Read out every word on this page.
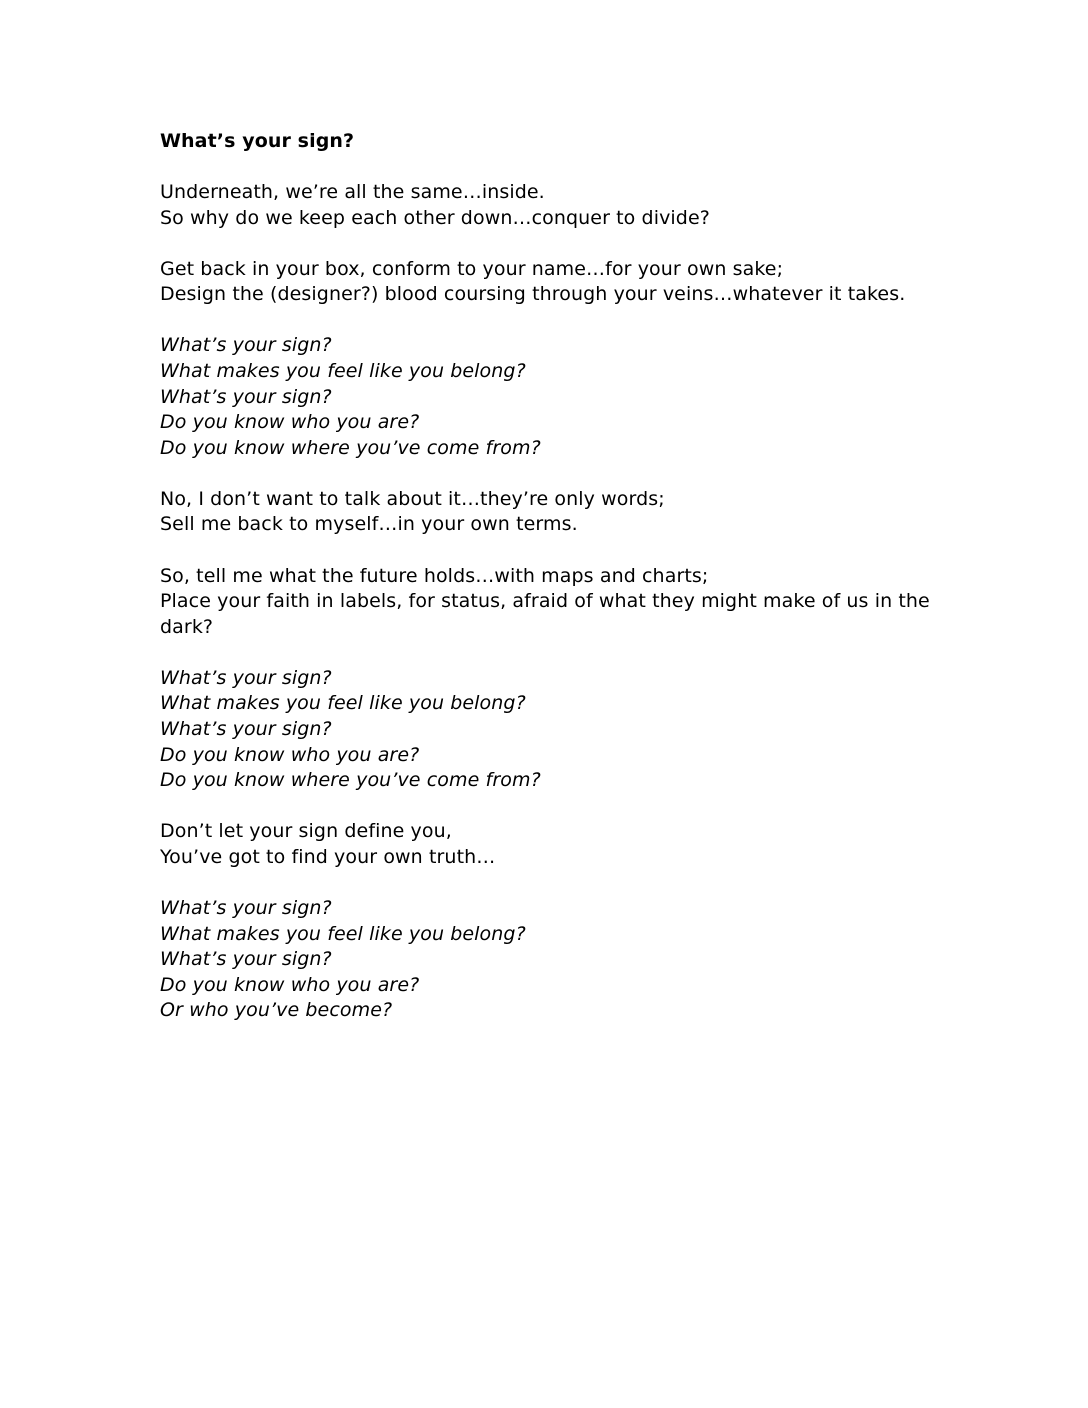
What’s your sign?
Underneath, we’re all the same…inside.
So why do we keep each other down…conquer to divide?
Get back in your box, conform to your name…for your own sake;
Design the (designer?) blood coursing through your veins…whatever it takes.
What’s your sign?
What makes you feel like you belong?
What’s your sign?
Do you know who you are?
Do you know where you’ve come from?
No, I don’t want to talk about it…they’re only words;
Sell me back to myself…in your own terms.
So, tell me what the future holds…with maps and charts;
Place your faith in labels, for status, afraid of what they might make of us in the dark?
What’s your sign?
What makes you feel like you belong?
What’s your sign?
Do you know who you are?
Do you know where you’ve come from?
Don’t let your sign define you,
You’ve got to find your own truth…
What’s your sign?
What makes you feel like you belong?
What’s your sign?
Do you know who you are?
Or who you’ve become?
